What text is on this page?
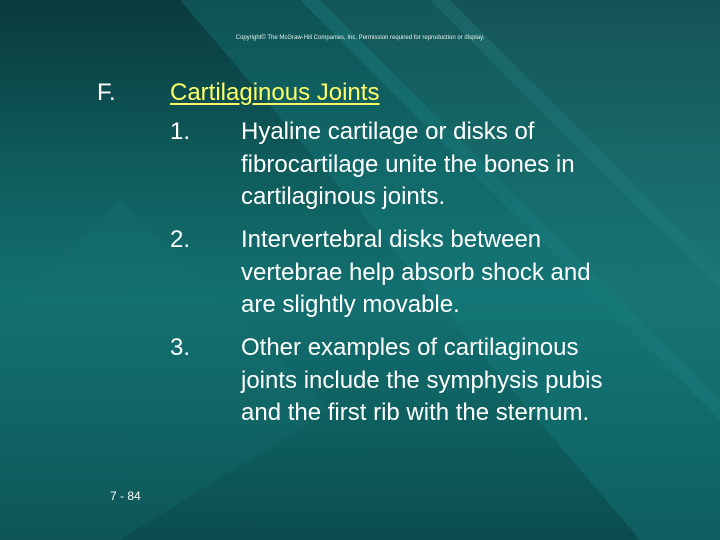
Copyright© The McGraw-Hill Companies, Inc. Permission required for reproduction or display.
F. Cartilaginous Joints
1. Hyaline cartilage or disks of
fibrocartilage unite the bones in
cartilaginous joints.
2. Intervertebral disks between
vertebrae help absorb shock and
are slightly movable.
3. Other examples of cartilaginous
joints include the symphysis pubis
and the first rib with the sternum.
7 - 84
